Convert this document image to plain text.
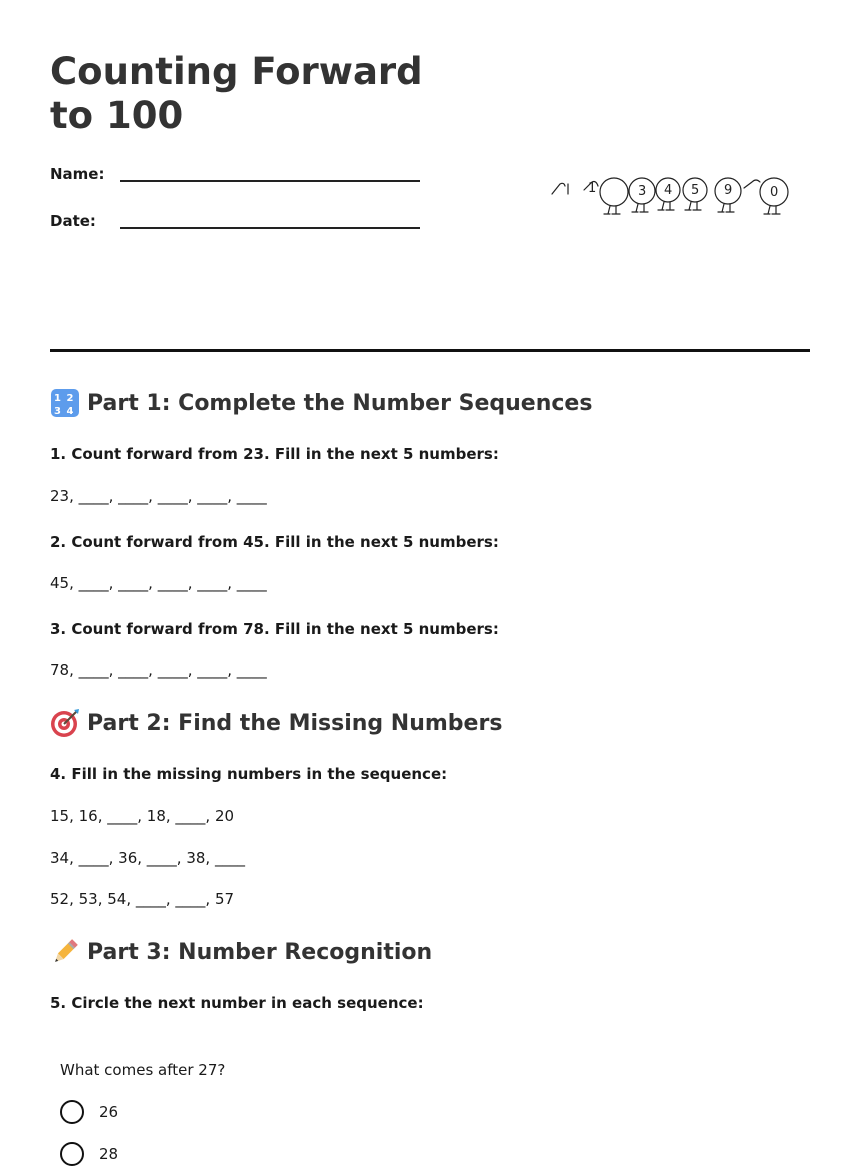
Counting Forward to 100
Name:
Date:
1	3 4 5 9	0
1 2
3 4 Part 1: Complete the Number Sequences
1. Count forward from 23. Fill in the next 5 numbers:
23, ____, ____, ____, ____, ____
2. Count forward from 45. Fill in the next 5 numbers:
45, ____, ____, ____, ____, ____
3. Count forward from 78. Fill in the next 5 numbers:
78, ____, ____, ____, ____, ____
Part 2: Find the Missing Numbers
4. Fill in the missing numbers in the sequence:
15, 16, ____, 18, ____, 20
34, ____, 36, ____, 38, ____
52, 53, 54, ____, ____, 57
Part 3: Number Recognition
5. Circle the next number in each sequence:
What comes after 27?
26
28
